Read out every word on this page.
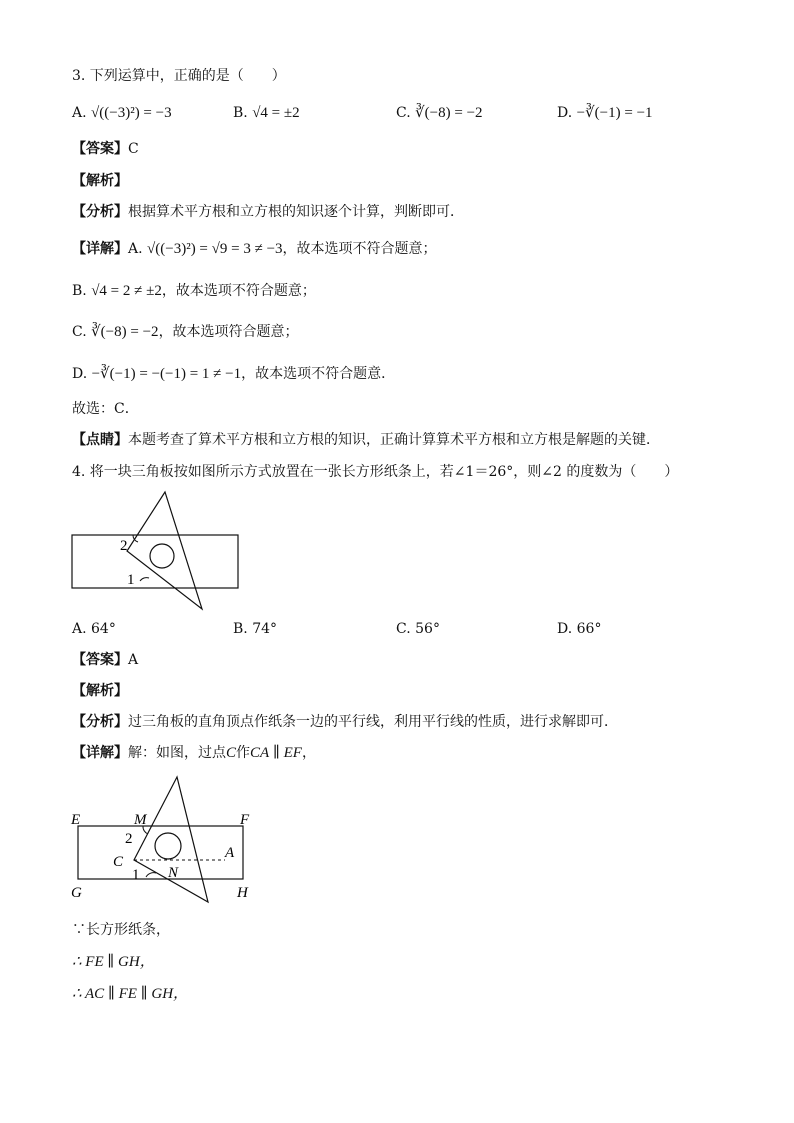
3. 下列运算中，正确的是（　　）
A. √((−3)²) = −3	B. √4 = ±2	C. ∛(−8) = −2	D. −∛(−1) = −1
【答案】C
【解析】
【分析】根据算术平方根和立方根的知识逐个计算，判断即可．
【详解】A. √((−3)²) = √9 = 3 ≠ −3，故本选项不符合题意；
B. √4 = 2 ≠ ±2，故本选项不符合题意；
C. ∛(−8) = −2，故本选项符合题意；
D. −∛(−1) = −(−1) = 1 ≠ −1，故本选项不符合题意．
故选：C．
【点睛】本题考查了算术平方根和立方根的知识，正确计算算术平方根和立方根是解题的关键．
4. 将一块三角板按如图所示方式放置在一张长方形纸条上，若∠1＝26°，则∠2 的度数为（　　）
2
1
A. 64°	B. 74°	C. 56°	D. 66°
【答案】A
【解析】
【分析】过三角板的直角顶点作纸条一边的平行线，利用平行线的性质，进行求解即可．
【详解】解：如图，过点C作CA ∥ EF，
E	M	F
2
C
A
1 N
G	H
∵长方形纸条，
∴ FE ∥ GH，
∴ AC ∥ FE ∥ GH，
